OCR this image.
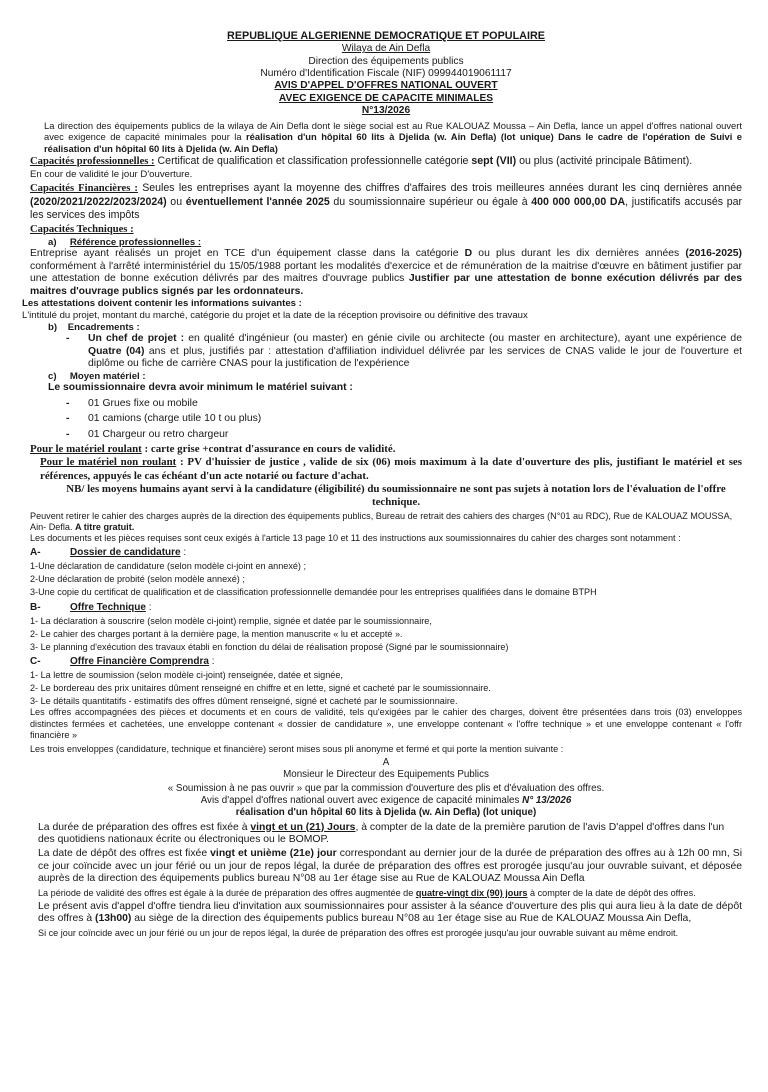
REPUBLIQUE ALGERIENNE DEMOCRATIQUE ET POPULAIRE
Wilaya de Ain Defla
Direction des équipements publics
Numéro d'Identification Fiscale (NIF) 099944019061117
AVIS D'APPEL D'OFFRES NATIONAL OUVERT
AVEC EXIGENCE DE CAPACITE MINIMALES
N°13/2026

La direction des équipements publics de la wilaya de Ain Defla dont le siège social est au Rue KALOUAZ Moussa – Ain Defla, lance un appel d'offres national ouvert avec exigence de capacité minimales pour la réalisation d'un hôpital 60 lits à Djelida (w. Ain Defla) (lot unique) Dans le cadre de l'opération de Suivi e réalisation d'un hôpital 60 lits à Djelida (w. Ain Defla)

Capacités professionnelles : Certificat de qualification et classification professionnelle catégorie sept (VII) ou plus (activité principale Bâtiment).

En cour de validité le jour D'ouverture.

Capacités Financières : Seules les entreprises ayant la moyenne des chiffres d'affaires des trois meilleures années durant les cinq dernières année (2020/2021/2022/2023/2024) ou éventuellement l'année 2025 du soumissionnaire supérieur ou égale à 400 000 000,00 DA, justificatifs accusés par les services des impôts

Capacités Techniques :

a) Référence professionnelles :

Entreprise ayant réalisés un projet en TCE d'un équipement classe dans la catégorie D ou plus durant les dix dernières années (2016-2025) conformément à l'arrêté interministériel du 15/05/1988 portant les modalités d'exercice et de rémunération de la maitrise d'œuvre en bâtiment justifier par une attestation de bonne exécution délivrés par des maitres d'ouvrage publics Justifier par une attestation de bonne exécution délivrés par des maitres d'ouvrage publics signés par les ordonnateurs.

Les attestations doivent contenir les informations suivantes :

L'intitulé du projet, montant du marché, catégorie du projet et la date de la réception provisoire ou définitive des travaux

b) Encadrements :

- Un chef de projet : en qualité d'ingénieur (ou master) en génie civile ou architecte (ou master en architecture), ayant une expérience de Quatre (04) ans et plus, justifiés par : attestation d'affiliation individuel délivrée par les services de CNAS valide le jour de l'ouverture et diplôme ou fiche de carrière CNAS pour la justification de l'expérience

c) Moyen matériel :

Le soumissionnaire devra avoir minimum le matériel suivant :

- 01 Grues fixe ou mobile
- 01 camions (charge utile 10 t ou plus)
- 01 Chargeur ou retro chargeur

Pour le matériel roulant : carte grise +contrat d'assurance en cours de validité.

Pour le matériel non roulant : PV d'huissier de justice , valide de six (06) mois maximum à la date d'ouverture des plis, justifiant le matériel et ses références, appuyés le cas échéant d'un acte notarié ou facture d'achat.

NB/ les moyens humains ayant servi à la candidature (éligibilité) du soumissionnaire ne sont pas sujets à notation lors de l'évaluation de l'offre technique.

Peuvent retirer le cahier des charges auprès de la direction des équipements publics, Bureau de retrait des cahiers des charges (N°01 au RDC), Rue de KALOUAZ MOUSSA, Ain- Defla. A titre gratuit.

Les documents et les pièces requises sont ceux exigés à l'article 13 page 10 et 11 des instructions aux soumissionnaires du cahier des charges sont notamment :

A-	Dossier de candidature :

1-Une déclaration de candidature (selon modèle ci-joint en annexé) ;

2-Une déclaration de probité (selon modèle annexé) ;

3-Une copie du certificat de qualification et de classification professionnelle demandée pour les entreprises qualifiées dans le domaine BTPH

B-	Offre Technique :

1- La déclaration à souscrire (selon modèle ci-joint) remplie, signée et datée par le soumissionnaire,

2- Le cahier des charges portant à la dernière page, la mention manuscrite « lu et accepté ».

3- Le planning d'exécution des travaux établi en fonction du délai de réalisation proposé (Signé par le soumissionnaire)

C-	Offre Financière Comprendra :

1- La lettre de soumission (selon modèle ci-joint) renseignée, datée et signée,

2- Le bordereau des prix unitaires dûment renseigné en chiffre et en lette, signé et cacheté par le soumissionnaire.

3- Le détails quantitatifs - estimatifs des offres dûment renseigné, signé et cacheté par le soumissionnaire.

Les offres accompagnées des pièces et documents et en cours de validité, tels qu'exigées par le cahier des charges, doivent être présentées dans trois (03) enveloppes distinctes fermées et cachetées, une enveloppe contenant « dossier de candidature », une enveloppe contenant « l'offre technique » et une enveloppe contenant « l'offr financière »

Les trois enveloppes (candidature, technique et financière) seront mises sous pli anonyme et fermé et qui porte la mention suivante :

A
Monsieur le Directeur des Equipements Publics
« Soumission à ne pas ouvrir » que par la commission d'ouverture des plis et d'évaluation des offres.
Avis d'appel d'offres national ouvert avec exigence de capacité minimales N° 13/2026
réalisation d'un hôpital 60 lits à Djelida (w. Ain Defla) (lot unique)

La durée de préparation des offres est fixée à vingt et un (21) Jours, à compter de la date de la première parution de l'avis D'appel d'offres dans l'un des quotidiens nationaux écrite ou électroniques ou le BOMOP.

La date de dépôt des offres est fixée vingt et unième (21e) jour correspondant au dernier jour de la durée de préparation des offres au à 12h 00 mn, Si ce jour coïncide avec un jour férié ou un jour de repos légal, la durée de préparation des offres est prorogée jusqu'au jour ouvrable suivant, et déposée auprès de la direction des équipements publics bureau N°08 au 1er étage sise au Rue de KALOUAZ Moussa Ain Defla

La période de validité des offres est égale à la durée de préparation des offres augmentée de quatre-vingt dix (90) jours à compter de la date de dépôt des offres.

Le présent avis d'appel d'offre tiendra lieu d'invitation aux soumissionnaires pour assister à la séance d'ouverture des plis qui aura lieu à la date de dépôt des offres à (13h00) au siège de la direction des équipements publics bureau N°08 au 1er étage sise au Rue de KALOUAZ Moussa Ain Defla,

Si ce jour coïncide avec un jour férié ou un jour de repos légal, la durée de préparation des offres est prorogée jusqu'au jour ouvrable suivant au même endroit.
